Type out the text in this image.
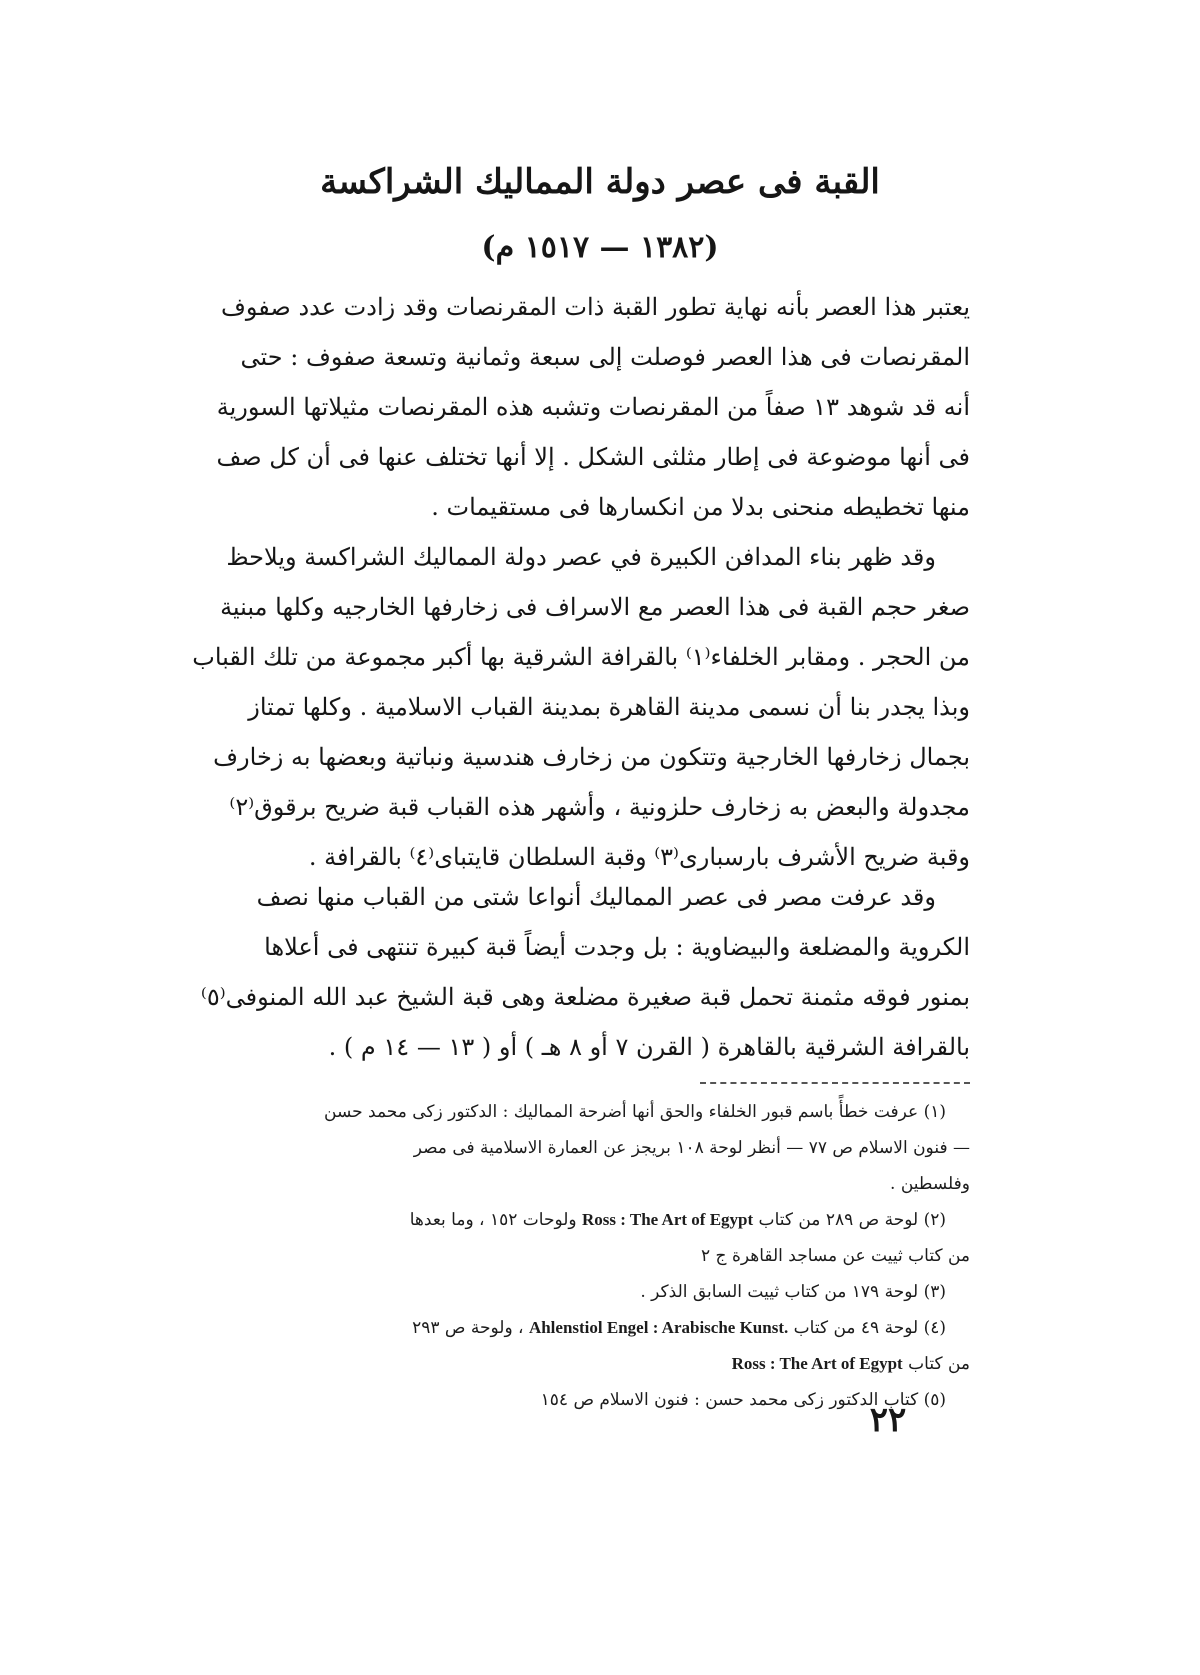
القبة فى عصر دولة المماليك الشراكسة
(١٣٨٢ — ١٥١٧ م)
يعتبر هذا العصر بأنه نهاية تطور القبة ذات المقرنصات وقد زادت عدد صفوف
المقرنصات فى هذا العصر فوصلت إلى سبعة وثمانية وتسعة صفوف : حتى
أنه قد شوهد ١٣ صفاً من المقرنصات وتشبه هذه المقرنصات مثيلاتها السورية
فى أنها موضوعة فى إطار مثلثى الشكل . إلا أنها تختلف عنها فى أن كل صف
منها تخطيطه منحنى بدلا من انكسارها فى مستقيمات .
وقد ظهر بناء المدافن الكبيرة في عصر دولة المماليك الشراكسة ويلاحظ
صغر حجم القبة فى هذا العصر مع الاسراف فى زخارفها الخارجيه وكلها مبنية
من الحجر . ومقابر الخلفاء⁽١⁾ بالقرافة الشرقية بها أكبر مجموعة من تلك القباب
وبذا يجدر بنا أن نسمى مدينة القاهرة بمدينة القباب الاسلامية . وكلها تمتاز
بجمال زخارفها الخارجية وتتكون من زخارف هندسية ونباتية وبعضها به زخارف
مجدولة والبعض به زخارف حلزونية ، وأشهر هذه القباب قبة ضريح برقوق⁽٢⁾
وقبة ضريح الأشرف بارسبارى⁽٣⁾ وقبة السلطان قايتباى⁽٤⁾ بالقرافة .
وقد عرفت مصر فى عصر المماليك أنواعا شتى من القباب منها نصف
الكروية والمضلعة والبيضاوية : بل وجدت أيضاً قبة كبيرة تنتهى فى أعلاها
بمنور فوقه مثمنة تحمل قبة صغيرة مضلعة وهى قبة الشيخ عبد الله المنوفى⁽٥⁾
بالقرافة الشرقية بالقاهرة ( القرن ٧ أو ٨ هـ ) أو ( ١٣ — ١٤ م ) .
(١) عرفت خطأً باسم قبور الخلفاء والحق أنها أضرحة المماليك : الدكتور زكى محمد حسن
— فنون الاسلام ص ٧٧ — أنظر لوحة ١٠٨ بريجز عن العمارة الاسلامية فى مصر
وفلسطين .
(٢) لوحة ص ٢٨٩ من كتاب Ross : The Art of Egypt ولوحات ١٥٢ ، وما بعدها
من كتاب ثييت عن مساجد القاهرة ج ٢
(٣) لوحة ١٧٩ من كتاب ثييت السابق الذكر .
(٤) لوحة ٤٩ من كتاب Ahlenstiol Engel : Arabische Kunst. ، ولوحة ص ٢٩٣
من كتاب Ross : The Art of Egypt
(٥) كتاب الدكتور زكى محمد حسن : فنون الاسلام ص ١٥٤
٢٢
